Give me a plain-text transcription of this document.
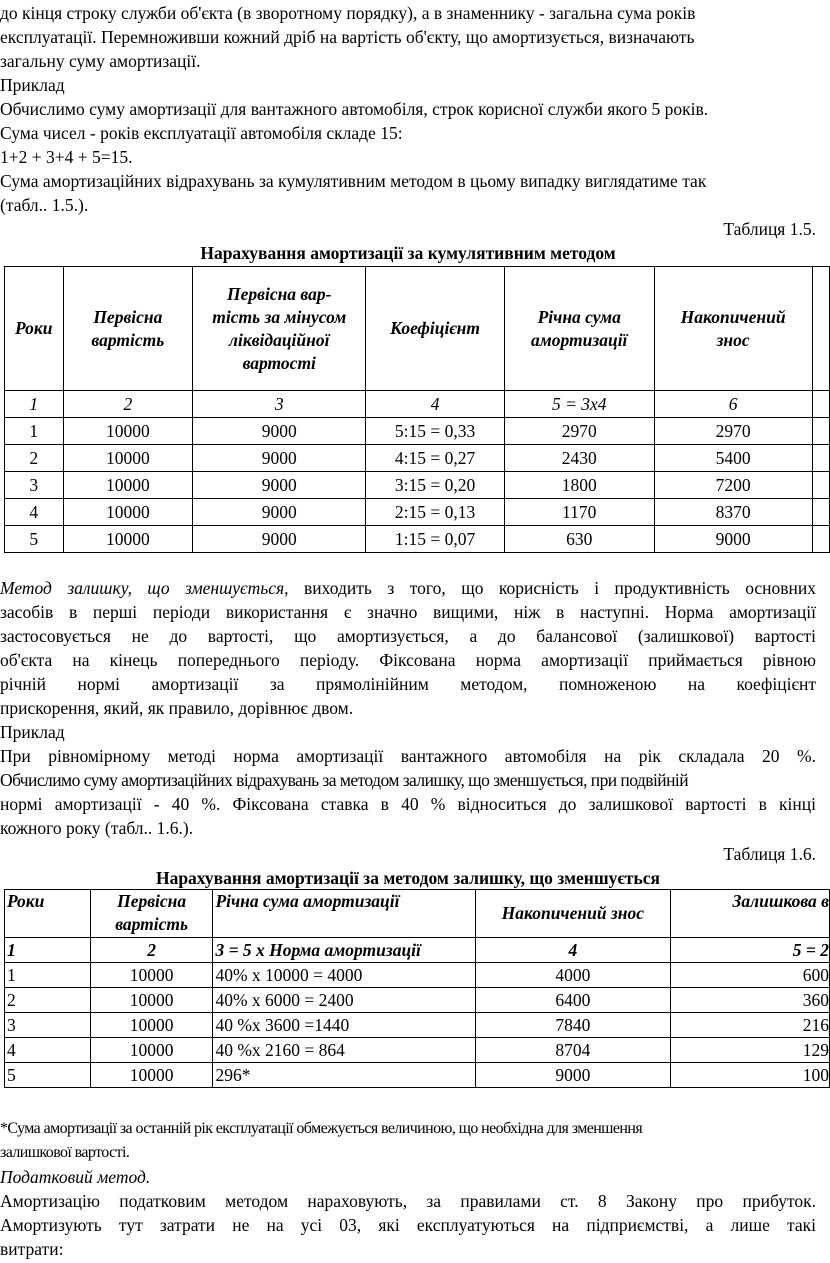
до кінця строку служби об'єкта (в зворотному порядку), а в знаменнику - загальна сума років

експлуатації. Перемноживши кожний дріб на вартість об'єкту, що амортизується, визначають

загальну суму амортизації.

Приклад

Обчислимо суму амортизації для вантажного автомобіля, строк корисної служби якого 5 років.

Сума чисел - років експлуатації автомобіля складе 15:

1+2 + 3+4 + 5=15.

Сума амортизаційних відрахувань за кумулятивним методом в цьому випадку виглядатиме так

(табл.. 1.5.).

Таблиця 1.5.

Нарахування амортизації за кумулятивним методом

Роки	Первісна вартість	Первісна вар-тість за мінусом ліквідаційної вартості	Коефіцієнт	Річна сума амортизації	Накопичений знос	
1	2	3	4	5 = 3х4	6	
1	10000	9000	5:15 = 0,33	2970	2970	
2	10000	9000	4:15 = 0,27	2430	5400	
3	10000	9000	3:15 = 0,20	1800	7200	
4	10000	9000	2:15 = 0,13	1170	8370	
5	10000	9000	1:15 = 0,07	630	9000	

Метод залишку, що зменшується, виходить з того, що корисність і продуктивність основних

засобів в перші періоди використання є значно вищими, ніж в наступні. Норма амортизації

застосовується не до вартості, що амортизується, а до балансової (залишкової) вартості

об'єкта на кінець попереднього періоду. Фіксована норма амортизації приймається рівною

річній нормі амортизації за прямолінійним методом, помноженою на коефіцієнт

прискорення, який, як правило, дорівнює двом.

Приклад

При рівномірному методі норма амортизації вантажного автомобіля на рік складала 20 %.

Обчислимо суму амортизаційних відрахувань за методом залишку, що зменшується, при подвійній

нормі амортизації - 40 %. Фіксована ставка в 40 % відноситься до залишкової вартості в кінці

кожного року (табл.. 1.6.).

Таблиця 1.6.

Нарахування амортизації за методом залишку, що зменшується

Роки	Первісна вартість	Річна сума амортизації	Накопичений знос	Залишкова в
1	2	3 = 5 х Норма амортизації	4	5 = 2
1	10000	40% х 10000 = 4000	4000	600
2	10000	40% х 6000 = 2400	6400	360
3	10000	40 %х 3600 =1440	7840	216
4	10000	40 %х 2160 = 864	8704	129
5	10000	296*	9000	100

*Сума амортизації за останній рік експлуатації обмежується величиною, що необхідна для зменшення

залишкової вартості.

Податковий метод.

Амортизацію податковим методом нараховують, за правилами ст. 8 Закону про прибуток.

Амортизують тут затрати не на усі 03, які експлуатуються на підприємстві, а лише такі

витрати:
